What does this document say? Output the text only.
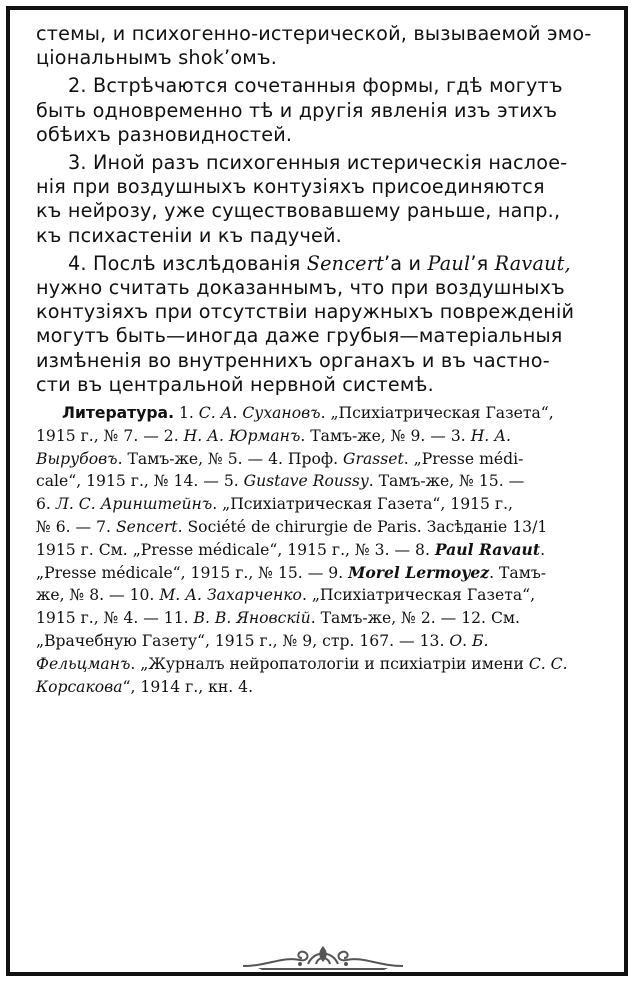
стемы, и психогенно-истерической, вызываемой эмо-
ціональнымъ shok’омъ.
2. Встрѣчаются сочетанныя формы, гдѣ могутъ
быть одновременно тѣ и другія явленія изъ этихъ
обѣихъ разновидностей.
3. Иной разъ психогенныя истерическія наслое-
нія при воздушныхъ контузіяхъ присоединяются
къ нейрозу, уже существовавшему раньше, напр.,
къ психастеніи и къ падучей.
4. Послѣ изслѣдованія Sencert’а и Paul’я Ravaut,
нужно считать доказаннымъ, что при воздушныхъ
контузіяхъ при отсутствіи наружныхъ поврежденій
могутъ быть—иногда даже грубыя—матеріальныя
измѣненія во внутреннихъ органахъ и въ частно-
сти въ центральной нервной системѣ.
Литература. 1. С. А. Сухановъ. „Психіатрическая Газета“,
1915 г., № 7. — 2. Н. А. Юрманъ. Тамъ-же, № 9. — 3. Н. А.
Вырубовъ. Тамъ-же, № 5. — 4. Проф. Grasset. „Presse médi-
cale“, 1915 г., № 14. — 5. Gustave Roussy. Тамъ-же, № 15. —
6. Л. С. Аринштейнъ. „Психіатрическая Газета“, 1915 г.,
№ 6. — 7. Sencert. Société de chirurgie de Paris. Засѣданіе 13/1
1915 г. См. „Presse médicale“, 1915 г., № 3. — 8. Paul Ravaut.
„Presse médicale“, 1915 г., № 15. — 9. Morel Lermoyez. Тамъ-
же, № 8. — 10. М. А. Захарченко. „Психіатрическая Газета“,
1915 г., № 4. — 11. В. В. Яновскій. Тамъ-же, № 2. — 12. См.
„Врачебную Газету“, 1915 г., № 9, стр. 167. — 13. О. Б.
Фельцманъ. „Журналъ нейропатологіи и психіатріи имени С. С.
Корсакова“, 1914 г., кн. 4.
